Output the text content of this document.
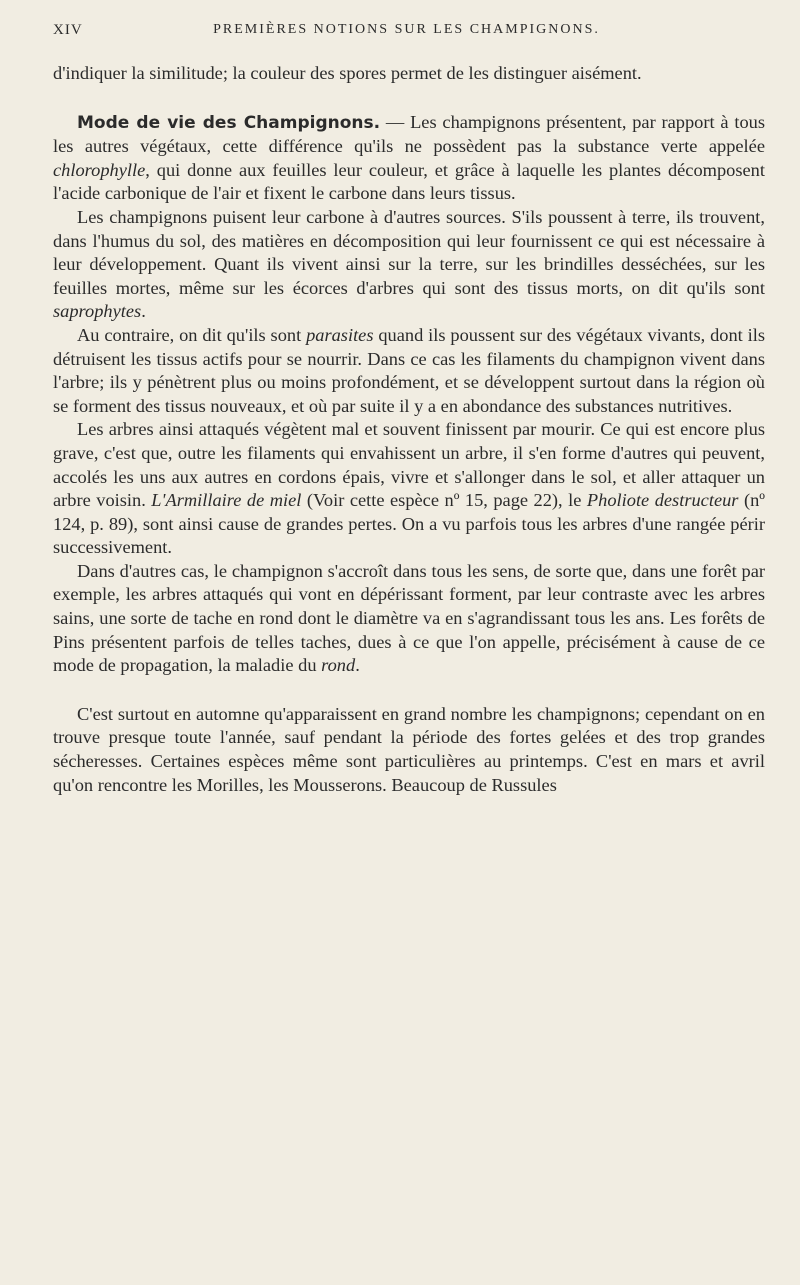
XIV	PREMIÈRES NOTIONS SUR LES CHAMPIGNONS.

d'indiquer la similitude; la couleur des spores permet de les distinguer aisément.

Mode de vie des Champignons. — Les champignons présentent, par rapport à tous les autres végétaux, cette différence qu'ils ne possèdent pas la substance verte appelée chlorophylle, qui donne aux feuilles leur couleur, et grâce à laquelle les plantes décomposent l'acide carbonique de l'air et fixent le carbone dans leurs tissus.

Les champignons puisent leur carbone à d'autres sources. S'ils poussent à terre, ils trouvent, dans l'humus du sol, des matières en décomposition qui leur fournissent ce qui est nécessaire à leur développement. Quant ils vivent ainsi sur la terre, sur les brindilles desséchées, sur les feuilles mortes, même sur les écorces d'arbres qui sont des tissus morts, on dit qu'ils sont saprophytes.

Au contraire, on dit qu'ils sont parasites quand ils poussent sur des végétaux vivants, dont ils détruisent les tissus actifs pour se nourrir. Dans ce cas les filaments du champignon vivent dans l'arbre; ils y pénètrent plus ou moins profondément, et se développent surtout dans la région où se forment des tissus nouveaux, et où par suite il y a en abondance des substances nutritives.

Les arbres ainsi attaqués végètent mal et souvent finissent par mourir. Ce qui est encore plus grave, c'est que, outre les filaments qui envahissent un arbre, il s'en forme d'autres qui peuvent, accolés les uns aux autres en cordons épais, vivre et s'allonger dans le sol, et aller attaquer un arbre voisin. L'Armillaire de miel (Voir cette espèce nº 15, page 22), le Pholiote destructeur (nº 124, p. 89), sont ainsi cause de grandes pertes. On a vu parfois tous les arbres d'une rangée périr successivement.

Dans d'autres cas, le champignon s'accroît dans tous les sens, de sorte que, dans une forêt par exemple, les arbres attaqués qui vont en dépérissant forment, par leur contraste avec les arbres sains, une sorte de tache en rond dont le diamètre va en s'agrandissant tous les ans. Les forêts de Pins présentent parfois de telles taches, dues à ce que l'on appelle, précisément à cause de ce mode de propagation, la maladie du rond.

C'est surtout en automne qu'apparaissent en grand nombre les champignons; cependant on en trouve presque toute l'année, sauf pendant la période des fortes gelées et des trop grandes sécheresses. Certaines espèces même sont particulières au printemps. C'est en mars et avril qu'on rencontre les Morilles, les Mousserons. Beaucoup de Russules
